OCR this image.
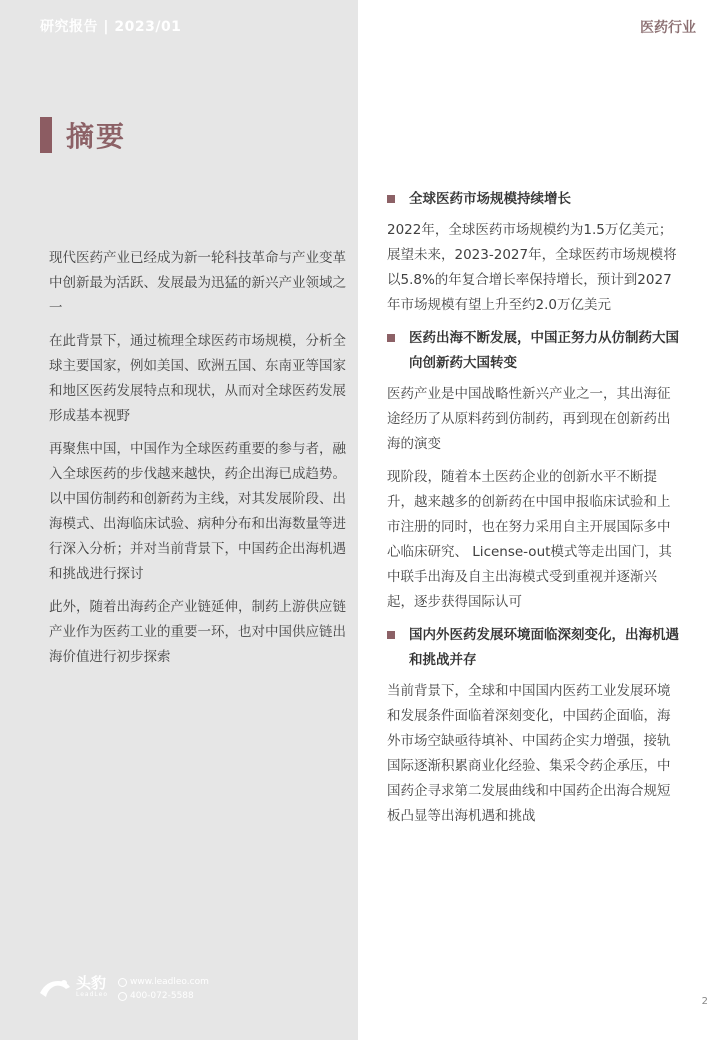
研究报告 | 2023/01	医药行业
摘要

现代医药产业已经成为新一轮科技革命与产业变革中创新最为活跃、发展最为迅猛的新兴产业领域之一

在此背景下，通过梳理全球医药市场规模，分析全球主要国家，例如美国、欧洲五国、东南亚等国家和地区医药发展特点和现状，从而对全球医药发展形成基本视野

再聚焦中国，中国作为全球医药重要的参与者，融入全球医药的步伐越来越快，药企出海已成趋势。以中国仿制药和创新药为主线，对其发展阶段、出海模式、出海临床试验、病种分布和出海数量等进行深入分析；并对当前背景下，中国药企出海机遇和挑战进行探讨

此外，随着出海药企产业链延伸，制药上游供应链产业作为医药工业的重要一环，也对中国供应链出海价值进行初步探索

全球医药市场规模持续增长

2022年，全球医药市场规模约为1.5万亿美元；展望未来，2023-2027年，全球医药市场规模将以5.8%的年复合增长率保持增长，预计到2027年市场规模有望上升至约2.0万亿美元

医药出海不断发展，中国正努力从仿制药大国向创新药大国转变

医药产业是中国战略性新兴产业之一，其出海征途经历了从原料药到仿制药，再到现在创新药出海的演变

现阶段，随着本土医药企业的创新水平不断提升，越来越多的创新药在中国申报临床试验和上市注册的同时，也在努力采用自主开展国际多中心临床研究、 License-out模式等走出国门，其中联手出海及自主出海模式受到重视并逐渐兴起，逐步获得国际认可

国内外医药发展环境面临深刻变化，出海机遇和挑战并存

当前背景下，全球和中国国内医药工业发展环境和发展条件面临着深刻变化，中国药企面临，海外市场空缺亟待填补、中国药企实力增强，接轨国际逐渐积累商业化经验、集采令药企承压，中国药企寻求第二发展曲线和中国药企出海合规短板凸显等出海机遇和挑战

头豹
LeadLeo
www.leadleo.com
400-072-5588	2
